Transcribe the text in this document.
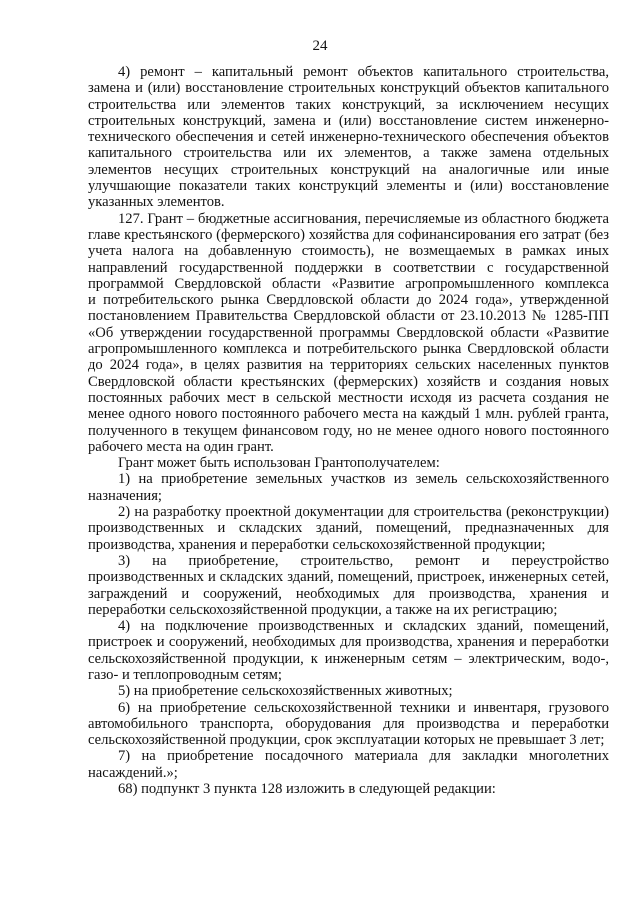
24

4) ремонт – капитальный ремонт объектов капитального строительства, замена и (или) восстановление строительных конструкций объектов капитального строительства или элементов таких конструкций, за исключением несущих строительных конструкций, замена и (или) восстановление систем инженерно-технического обеспечения и сетей инженерно-технического обеспечения объектов капитального строительства или их элементов, а также замена отдельных элементов несущих строительных конструкций на аналогичные или иные улучшающие показатели таких конструкций элементы и (или) восстановление указанных элементов.

127. Грант – бюджетные ассигнования, перечисляемые из областного бюджета главе крестьянского (фермерского) хозяйства для софинансирования его затрат (без учета налога на добавленную стоимость), не возмещаемых в рамках иных направлений государственной поддержки в соответствии с государственной программой Свердловской области «Развитие агропромышленного комплекса и потребительского рынка Свердловской области до 2024 года», утвержденной постановлением Правительства Свердловской области от 23.10.2013 № 1285-ПП «Об утверждении государственной программы Свердловской области «Развитие агропромышленного комплекса и потребительского рынка Свердловской области до 2024 года», в целях развития на территориях сельских населенных пунктов Свердловской области крестьянских (фермерских) хозяйств и создания новых постоянных рабочих мест в сельской местности исходя из расчета создания не менее одного нового постоянного рабочего места на каждый 1 млн. рублей гранта, полученного в текущем финансовом году, но не менее одного нового постоянного рабочего места на один грант.

Грант может быть использован Грантополучателем:

1) на приобретение земельных участков из земель сельскохозяйственного назначения;

2) на разработку проектной документации для строительства (реконструкции) производственных и складских зданий, помещений, предназначенных для производства, хранения и переработки сельскохозяйственной продукции;

3) на приобретение, строительство, ремонт и переустройство производственных и складских зданий, помещений, пристроек, инженерных сетей, заграждений и сооружений, необходимых для производства, хранения и переработки сельскохозяйственной продукции, а также на их регистрацию;

4) на подключение производственных и складских зданий, помещений, пристроек и сооружений, необходимых для производства, хранения и переработки сельскохозяйственной продукции, к инженерным сетям – электрическим, водо-, газо- и теплопроводным сетям;

5) на приобретение сельскохозяйственных животных;

6) на приобретение сельскохозяйственной техники и инвентаря, грузового автомобильного транспорта, оборудования для производства и переработки сельскохозяйственной продукции, срок эксплуатации которых не превышает 3 лет;

7) на приобретение посадочного материала для закладки многолетних насаждений.»;

68) подпункт 3 пункта 128 изложить в следующей редакции:
